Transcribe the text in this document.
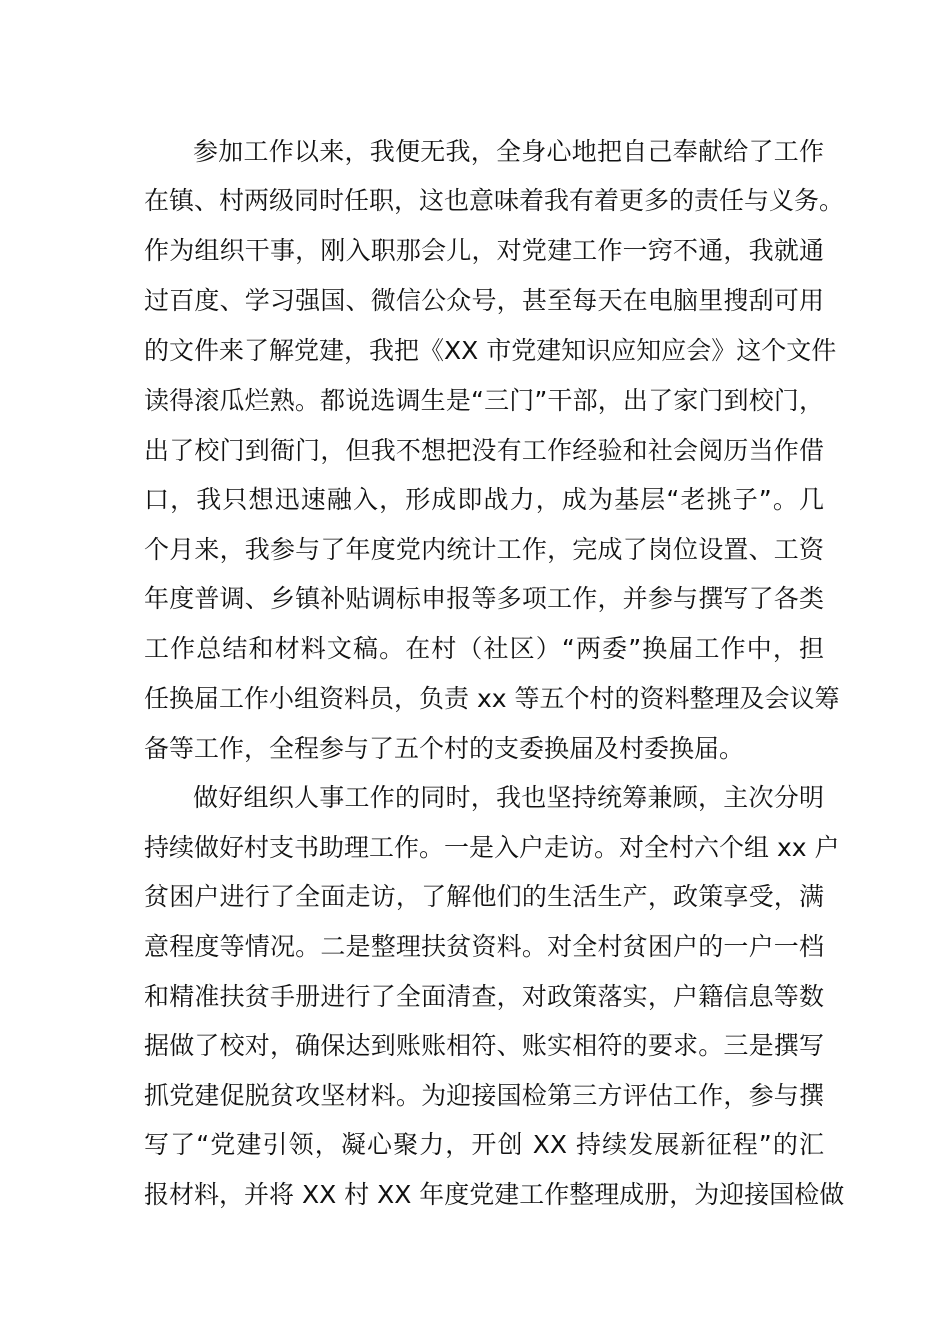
参加工作以来，我便无我，全身心地把自己奉献给了工作
在镇、村两级同时任职，这也意味着我有着更多的责任与义务。
作为组织干事，刚入职那会儿，对党建工作一窍不通，我就通
过百度、学习强国、微信公众号，甚至每天在电脑里搜刮可用
的文件来了解党建，我把《XX 市党建知识应知应会》这个文件
读得滚瓜烂熟。都说选调生是“三门”干部，出了家门到校门，
出了校门到衙门，但我不想把没有工作经验和社会阅历当作借
口，我只想迅速融入，形成即战力，成为基层“老挑子”。几
个月来，我参与了年度党内统计工作，完成了岗位设置、工资
年度普调、乡镇补贴调标申报等多项工作，并参与撰写了各类
工作总结和材料文稿。在村（社区）“两委”换届工作中，担
任换届工作小组资料员，负责 xx 等五个村的资料整理及会议筹
备等工作，全程参与了五个村的支委换届及村委换届。
做好组织人事工作的同时，我也坚持统筹兼顾，主次分明
持续做好村支书助理工作。一是入户走访。对全村六个组 xx 户
贫困户进行了全面走访，了解他们的生活生产，政策享受，满
意程度等情况。二是整理扶贫资料。对全村贫困户的一户一档
和精准扶贫手册进行了全面清查，对政策落实，户籍信息等数
据做了校对，确保达到账账相符、账实相符的要求。三是撰写
抓党建促脱贫攻坚材料。为迎接国检第三方评估工作，参与撰
写了“党建引领，凝心聚力，开创 XX 持续发展新征程”的汇
报材料，并将 XX 村 XX 年度党建工作整理成册，为迎接国检做
